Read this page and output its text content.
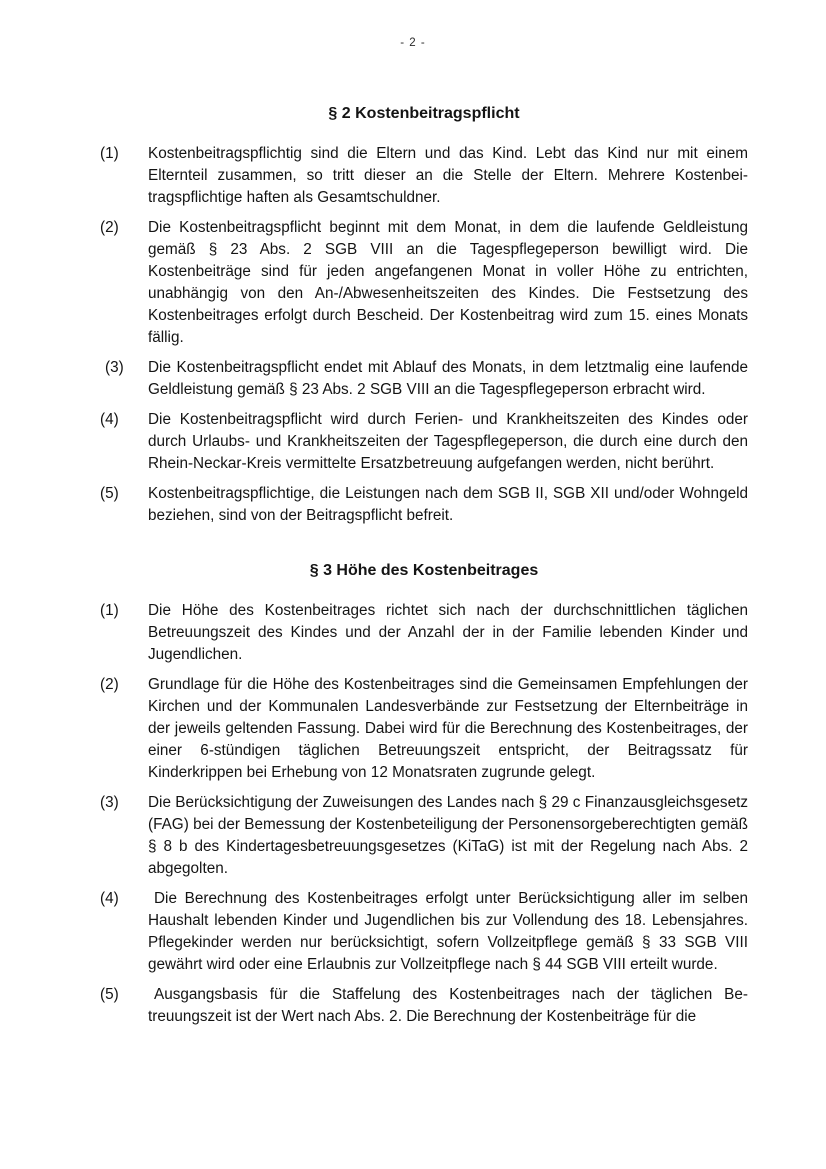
- 2 -
§ 2 Kostenbeitragspflicht
(1)	Kostenbeitragspflichtig sind die Eltern und das Kind. Lebt das Kind nur mit einem Elternteil zusammen, so tritt dieser an die Stelle der Eltern. Mehrere Kostenbeitragspflichtige haften als Gesamtschuldner.
(2)	Die Kostenbeitragspflicht beginnt mit dem Monat, in dem die laufende Geldleistung gemäß § 23 Abs. 2 SGB VIII an die Tagespflegeperson bewilligt wird. Die Kostenbeiträge sind für jeden angefangenen Monat in voller Höhe zu entrichten, unabhängig von den An-/Abwesenheitszeiten des Kindes. Die Festsetzung des Kostenbeitrages erfolgt durch Bescheid. Der Kostenbeitrag wird zum 15. eines Monats fällig.
(3)	Die Kostenbeitragspflicht endet mit Ablauf des Monats, in dem letztmalig eine laufende Geldleistung gemäß § 23 Abs. 2 SGB VIII an die Tagespflegeperson erbracht wird.
(4)	Die Kostenbeitragspflicht wird durch Ferien- und Krankheitszeiten des Kindes oder durch Urlaubs- und Krankheitszeiten der Tagespflegeperson, die durch eine durch den Rhein-Neckar-Kreis vermittelte Ersatzbetreuung aufgefangen werden, nicht berührt.
(5)	Kostenbeitragspflichtige, die Leistungen nach dem SGB II, SGB XII und/oder Wohngeld beziehen, sind von der Beitragspflicht befreit.
§ 3 Höhe des Kostenbeitrages
(1)	Die Höhe des Kostenbeitrages richtet sich nach der durchschnittlichen täglichen Betreuungszeit des Kindes und der Anzahl der in der Familie lebenden Kinder und Jugendlichen.
(2)	Grundlage für die Höhe des Kostenbeitrages sind die Gemeinsamen Empfehlungen der Kirchen und der Kommunalen Landesverbände zur Festsetzung der Elternbeiträge in der jeweils geltenden Fassung. Dabei wird für die Berechnung des Kostenbeitrages, der einer 6-stündigen täglichen Betreuungszeit entspricht, der Beitragssatz für Kinderkrippen bei Erhebung von 12 Monatsraten zugrunde gelegt.
(3)	Die Berücksichtigung der Zuweisungen des Landes nach § 29 c Finanzausgleichsgesetz (FAG) bei der Bemessung der Kostenbeteiligung der Personensorgeberechtigten gemäß § 8 b des Kindertagesbetreuungsgesetzes (KiTaG) ist mit der Regelung nach Abs. 2 abgegolten.
(4)	Die Berechnung des Kostenbeitrages erfolgt unter Berücksichtigung aller im selben Haushalt lebenden Kinder und Jugendlichen bis zur Vollendung des 18. Lebensjahres. Pflegekinder werden nur berücksichtigt, sofern Vollzeitpflege gemäß § 33 SGB VIII gewährt wird oder eine Erlaubnis zur Vollzeitpflege nach § 44 SGB VIII erteilt wurde.
(5)	Ausgangsbasis für die Staffelung des Kostenbeitrages nach der täglichen Betreuungszeit ist der Wert nach Abs. 2. Die Berechnung der Kostenbeiträge für die
